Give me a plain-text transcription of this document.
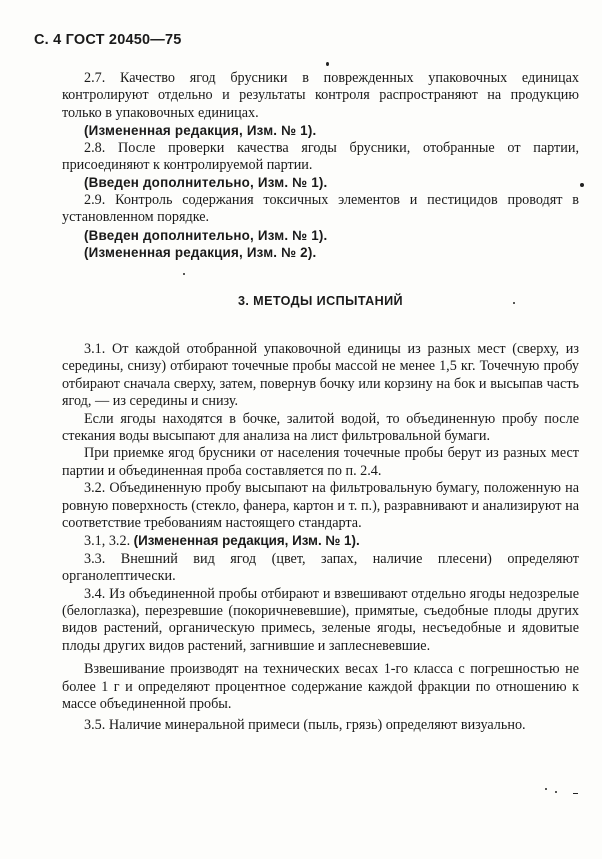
С. 4 ГОСТ 20450—75

2.7. Качество ягод брусники в поврежденных упаковочных единицах контролируют отдельно и результаты контроля распространяют на продукцию только в упаковочных единицах.

(Измененная редакция, Изм. № 1).

2.8. После проверки качества ягоды брусники, отобранные от партии, присоединяют к контролируемой партии.

(Введен дополнительно, Изм. № 1).

2.9. Контроль содержания токсичных элементов и пестицидов проводят в установленном порядке.

(Введен дополнительно, Изм. № 1).

(Измененная редакция, Изм. № 2).

3. МЕТОДЫ ИСПЫТАНИЙ

3.1. От каждой отобранной упаковочной единицы из разных мест (сверху, из середины, снизу) отбирают точечные пробы массой не менее 1,5 кг. Точечную пробу отбирают сначала сверху, затем, повернув бочку или корзину на бок и высыпав часть ягод, — из середины и снизу.

Если ягоды находятся в бочке, залитой водой, то объединенную пробу после стекания воды высыпают для анализа на лист фильтровальной бумаги.

При приемке ягод брусники от населения точечные пробы берут из разных мест партии и объединенная проба составляется по п. 2.4.

3.2. Объединенную пробу высыпают на фильтровальную бумагу, положенную на ровную поверхность (стекло, фанера, картон и т. п.), разравнивают и анализируют на соответствие требованиям настоящего стандарта.

3.1, 3.2. (Измененная редакция, Изм. № 1).

3.3. Внешний вид ягод (цвет, запах, наличие плесени) определяют органолептически.

3.4. Из объединенной пробы отбирают и взвешивают отдельно ягоды недозрелые (белоглазка), перезревшие (покоричневевшие), примятые, съедобные плоды других видов растений, органическую примесь, зеленые ягоды, несъедобные и ядовитые плоды других видов растений, загнившие и заплесневевшие.

Взвешивание производят на технических весах 1-го класса с погрешностью не более 1 г и определяют процентное содержание каждой фракции по отношению к массе объединенной пробы.

3.5. Наличие минеральной примеси (пыль, грязь) определяют визуально.
